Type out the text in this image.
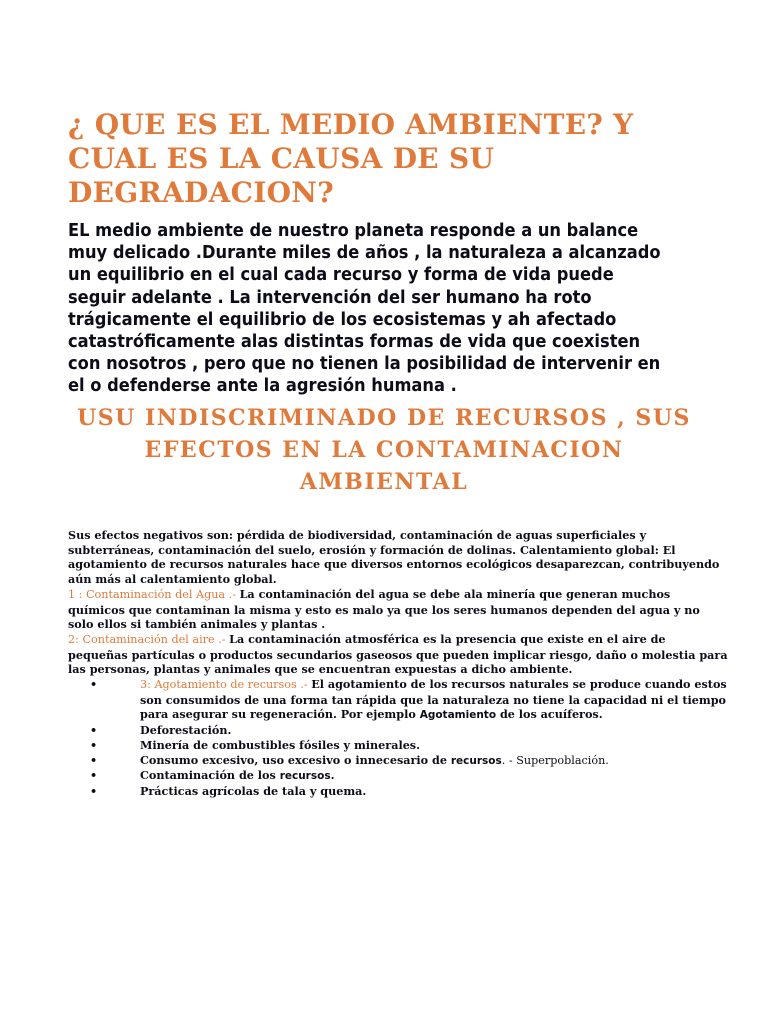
¿ QUE ES EL MEDIO AMBIENTE? Y CUAL ES LA CAUSA DE SU DEGRADACION?

EL medio ambiente de nuestro planeta responde a un balance muy delicado .Durante miles de años , la naturaleza a alcanzado un equilibrio en el cual cada recurso y forma de vida puede seguir adelante . La intervención del ser humano ha roto trágicamente el equilibrio de los ecosistemas y ah afectado catastróficamente alas distintas formas de vida que coexisten con nosotros , pero que no tienen la posibilidad de intervenir en el o defenderse ante la agresión humana .

USU INDISCRIMINADO DE RECURSOS , SUS EFECTOS EN LA CONTAMINACION AMBIENTAL

Sus efectos negativos son: pérdida de biodiversidad, contaminación de aguas superficiales y subterráneas, contaminación del suelo, erosión y formación de dolinas. Calentamiento global: El agotamiento de recursos naturales hace que diversos entornos ecológicos desaparezcan, contribuyendo aún más al calentamiento global.

1 : Contaminación del Agua .- La contaminación del agua se debe ala minería que generan muchos químicos que contaminan la misma y esto es malo ya que los seres humanos dependen del agua y no solo ellos si también animales y plantas .

2: Contaminación del aire .- La contaminación atmosférica es la presencia que existe en el aire de pequeñas partículas o productos secundarios gaseosos que pueden implicar riesgo, daño o molestia para las personas, plantas y animales que se encuentran expuestas a dicho ambiente.

•	3: Agotamiento de recursos .- El agotamiento de los recursos naturales se produce cuando estos son consumidos de una forma tan rápida que la naturaleza no tiene la capacidad ni el tiempo para asegurar su regeneración. Por ejemplo Agotamiento de los acuíferos.
•	Deforestación.
•	Minería de combustibles fósiles y minerales.
•	Consumo excesivo, uso excesivo o innecesario de recursos. - Superpoblación.
•	Contaminación de los recursos.
•	Prácticas agrícolas de tala y quema.
